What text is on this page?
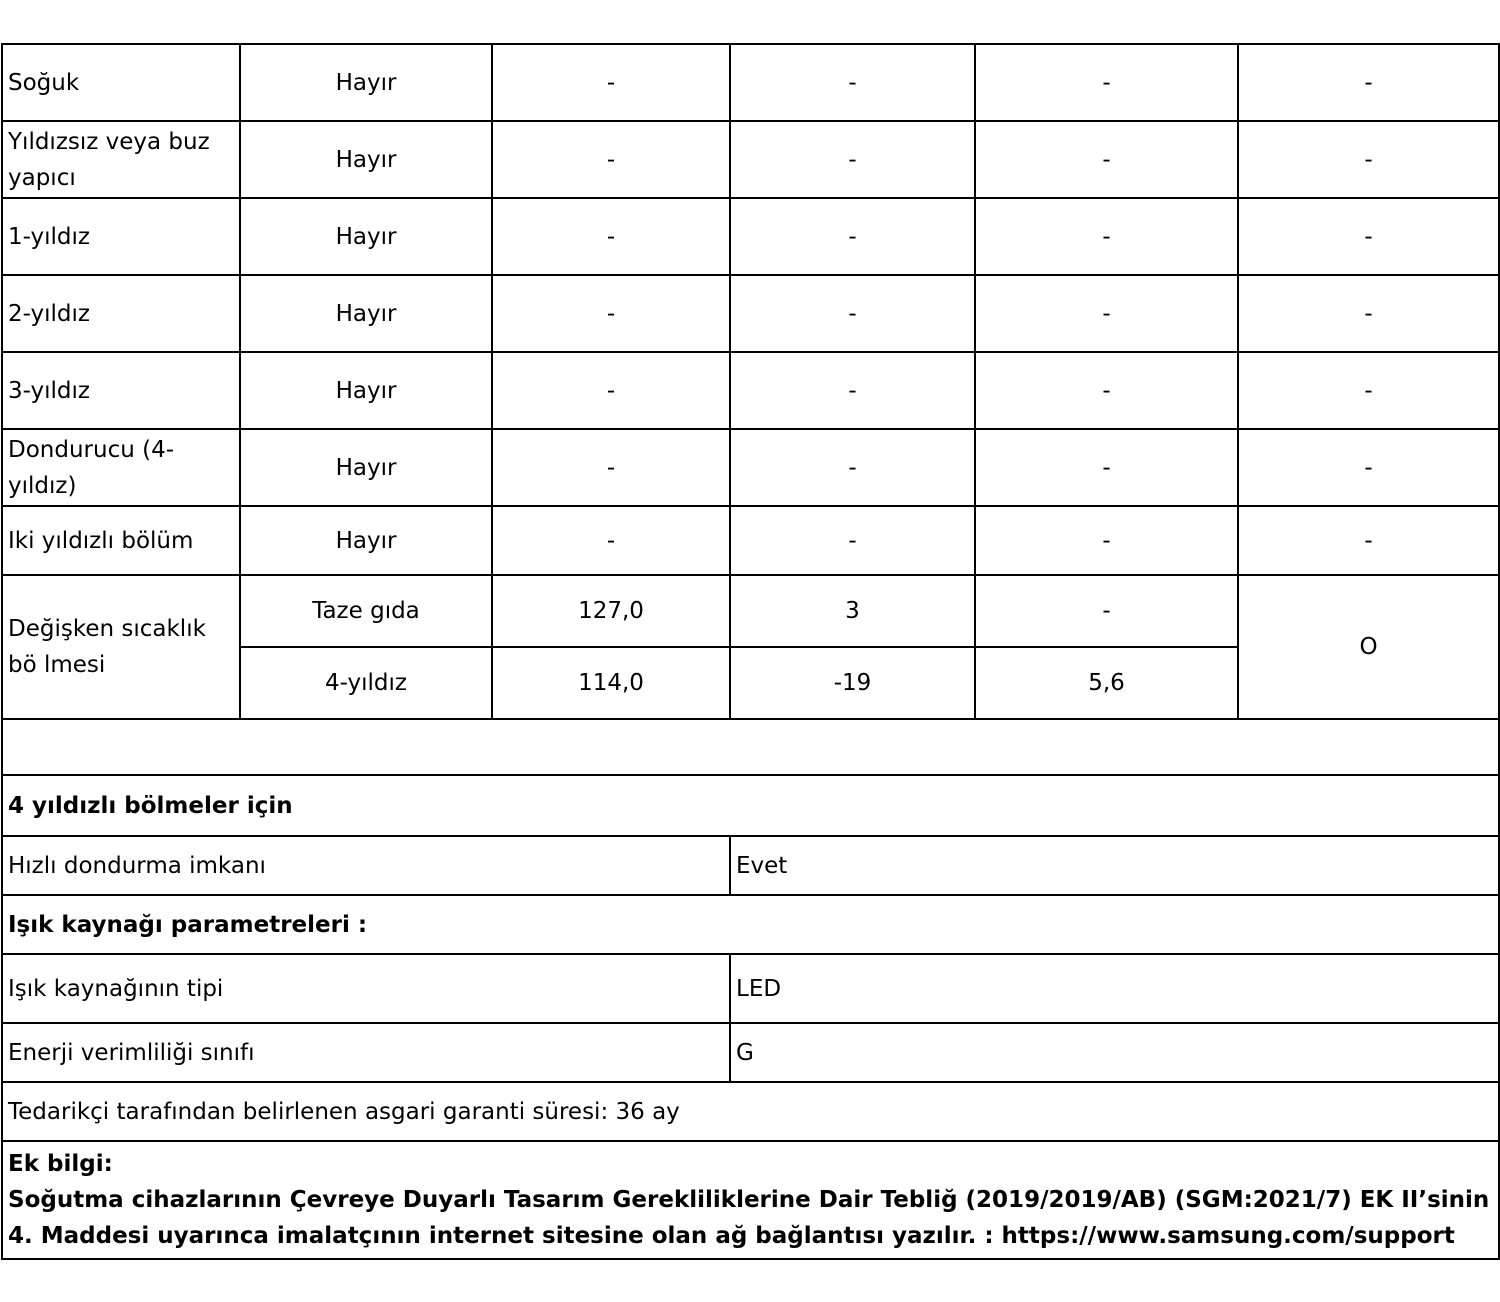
Soğuk	Hayır	-	-	-	-
Yıldızsız veya buz yapıcı	Hayır	-	-	-	-
1-yıldız	Hayır	-	-	-	-
2-yıldız	Hayır	-	-	-	-
3-yıldız	Hayır	-	-	-	-
Dondurucu (4-yıldız)	Hayır	-	-	-	-
Iki yıldızlı bölüm	Hayır	-	-	-	-
Değişken sıcaklık bö lmesi	Taze gıda	127,0	3	-	O
	4-yıldız	114,0	-19	5,6	

4 yıldızlı bölmeler için					
Hızlı dondurma imkanı			Evet		
Işık kaynağı parametreleri :					
Işık kaynağının tipi			LED		
Enerji verimliliği sınıfı			G		
Tedarikçi tarafından belirlenen asgari garanti süresi: 36 ay					

Ek bilgi:
Soğutma cihazlarının Çevreye Duyarlı Tasarım Gerekliliklerine Dair Tebliğ (2019/2019/AB) (SGM:2021/7) EK II’sinin 4. Maddesi uyarınca imalatçının internet sitesine olan ağ bağlantısı yazılır. : https://www.samsung.com/support					
